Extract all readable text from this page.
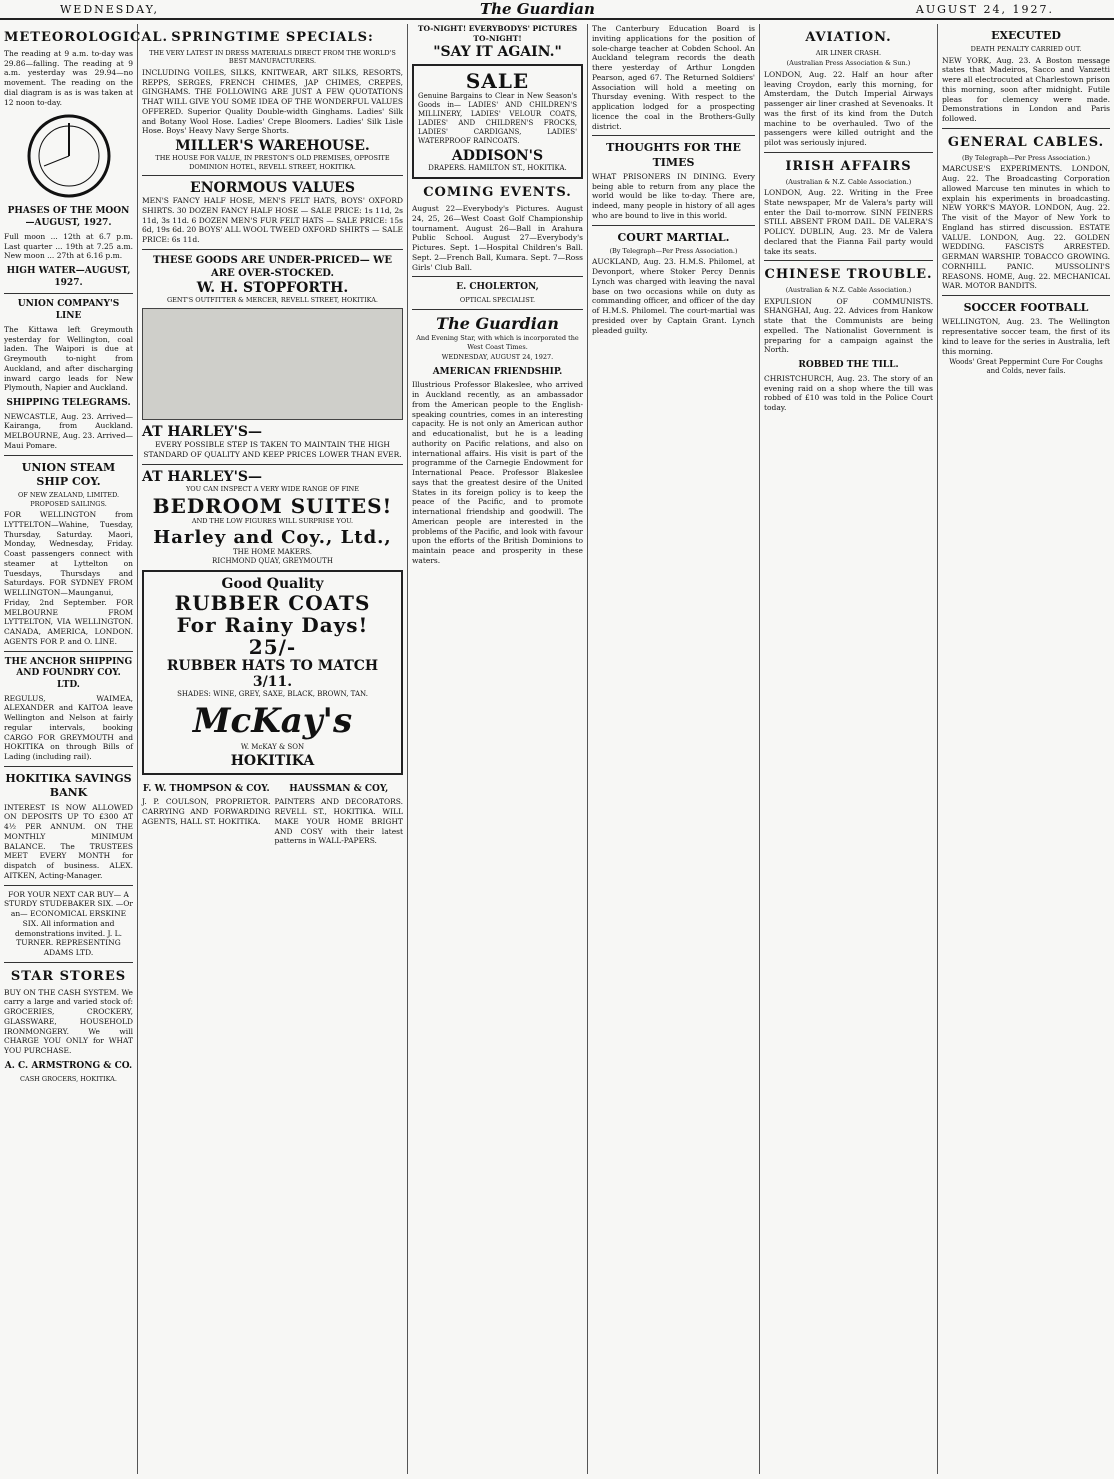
WEDNESDAY,	The Guardian	AUGUST 24, 1927.
METEOROLOGICAL.

The reading at 9 a.m. to-day was 29.86—falling. The reading at 9 a.m. yesterday was 29.94—no movement. The reading on the dial diagram is as is was taken at 12 noon to-day.

PHASES OF THE MOON—AUGUST, 1927.

Full moon ... 12th at 6.7 p.m. Last quarter ... 19th at 7.25 a.m. New moon ... 27th at 6.16 p.m.

HIGH WATER—AUGUST, 1927.
UNION COMPANY'S LINE

The Kittawa left Greymouth yesterday for Wellington, coal laden. The Waipori is due at Greymouth to-night from Auckland, and after discharging inward cargo leads for New Plymouth, Napier and Auckland.

SHIPPING TELEGRAMS.

NEWCASTLE, Aug. 23. Arrived—Kairanga, from Auckland. MELBOURNE, Aug. 23. Arrived—Maui Pomare.

UNION STEAM SHIP COY.
OF NEW ZEALAND, LIMITED. PROPOSED SAILINGS.

FOR WELLINGTON from LYTTELTON—Wahine, Tuesday, Thursday, Saturday. Maori, Monday, Wednesday, Friday. Coast passengers connect with steamer at Lyttelton on Tuesdays, Thursdays and Saturdays. FOR SYDNEY FROM WELLINGTON—Maunganui, Friday, 2nd September. FOR MELBOURNE FROM LYTTELTON, VIA WELLINGTON. CANADA, AMERICA, LONDON. AGENTS FOR P. and O. LINE.

THE ANCHOR SHIPPING AND FOUNDRY COY. LTD.

REGULUS, WAIMEA, ALEXANDER and KAITOA leave Wellington and Nelson at fairly regular intervals, booking CARGO FOR GREYMOUTH and HOKITIKA on through Bills of Lading (including rail).

HOKITIKA SAVINGS BANK

INTEREST IS NOW ALLOWED ON DEPOSITS UP TO £300 AT 4½ PER ANNUM. ON THE MONTHLY MINIMUM BALANCE. The TRUSTEES MEET EVERY MONTH for dispatch of business. ALEX. AITKEN, Acting-Manager.

FOR YOUR NEXT CAR BUY— A STURDY STUDEBAKER SIX. —Or an— ECONOMICAL ERSKINE SIX. All information and demonstrations invited. J. L. TURNER. REPRESENTING ADAMS LTD.

STAR STORES

BUY ON THE CASH SYSTEM. We carry a large and varied stock of: GROCERIES, CROCKERY, GLASSWARE, HOUSEHOLD IRONMONGERY. We will CHARGE YOU ONLY for WHAT YOU PURCHASE.

A. C. ARMSTRONG & CO.
CASH GROCERS, HOKITIKA.
SPRINGTIME SPECIALS:
THE VERY LATEST IN DRESS MATERIALS DIRECT FROM THE WORLD'S BEST MANUFACTURERS.

INCLUDING VOILES, SILKS, KNITWEAR, ART SILKS, RESORTS, REPPS, SERGES, FRENCH CHIMES, JAP CHIMES, CREPES, GINGHAMS. THE FOLLOWING ARE JUST A FEW QUOTATIONS THAT WILL GIVE YOU SOME IDEA OF THE WONDERFUL VALUES OFFERED. Superior Quality Double-width Ginghams. Ladies' Silk and Botany Wool Hose. Ladies' Crepe Bloomers. Ladies' Silk Lisle Hose. Boys' Heavy Navy Serge Shorts.

MILLER'S WAREHOUSE.
THE HOUSE FOR VALUE, IN PRESTON'S OLD PREMISES, OPPOSITE DOMINION HOTEL, REVELL STREET, HOKITIKA.
ENORMOUS VALUES

MEN'S FANCY HALF HOSE, MEN'S FELT HATS, BOYS' OXFORD SHIRTS. 30 DOZEN FANCY HALF HOSE — SALE PRICE: 1s 11d, 2s 11d, 3s 11d. 6 DOZEN MEN'S FUR FELT HATS — SALE PRICE: 15s 6d, 19s 6d. 20 BOYS' ALL WOOL TWEED OXFORD SHIRTS — SALE PRICE: 6s 11d.

THESE GOODS ARE UNDER-PRICED— WE ARE OVER-STOCKED.
W. H. STOPFORTH.
GENT'S OUTFITTER & MERCER, REVELL STREET, HOKITIKA.
AT HARLEY'S—

EVERY POSSIBLE STEP IS TAKEN TO MAINTAIN THE HIGH STANDARD OF QUALITY AND KEEP PRICES LOWER THAN EVER.

AT HARLEY'S—
YOU CAN INSPECT A VERY WIDE RANGE OF FINE
BEDROOM SUITES!
AND THE LOW FIGURES WILL SURPRISE YOU.
Harley and Coy., Ltd.,
THE HOME MAKERS.
RICHMOND QUAY, GREYMOUTH
Good Quality
RUBBER COATS
For Rainy Days!
25/-
RUBBER HATS TO MATCH
3/11.
SHADES: WINE, GREY, SAXE, BLACK, BROWN, TAN.
McKay's
W. McKAY & SON
HOKITIKA
F. W. THOMPSON & COY.

J. P. COULSON, PROPRIETOR. CARRYING AND FORWARDING AGENTS, HALL ST. HOKITIKA.

HAUSSMAN & COY,

PAINTERS AND DECORATORS. REVELL ST., HOKITIKA. WILL MAKE YOUR HOME BRIGHT AND COSY with their latest patterns in WALL-PAPERS.

TO-NIGHT! EVERYBODYS' PICTURES TO-NIGHT!
"SAY IT AGAIN."
SALE

Genuine Bargains to Clear in New Season's Goods in— LADIES' AND CHILDREN'S MILLINERY, LADIES' VELOUR COATS, LADIES' AND CHILDREN'S FROCKS, LADIES' CARDIGANS, LADIES' WATERPROOF RAINCOATS.

ADDISON'S
DRAPERS. HAMILTON ST., HOKITIKA.
COMING EVENTS.

August 22—Everybody's Pictures. August 24, 25, 26—West Coast Golf Championship tournament. August 26—Ball in Arahura Public School. August 27—Everybody's Pictures. Sept. 1—Hospital Children's Ball. Sept. 2—French Ball, Kumara. Sept. 7—Ross Girls' Club Ball.

E. CHOLERTON,
OPTICAL SPECIALIST.
The Guardian
And Evening Star, with which is incorporated the West Coast Times.
WEDNESDAY, AUGUST 24, 1927.
AMERICAN FRIENDSHIP.

Illustrious Professor Blakeslee, who arrived in Auckland recently, as an ambassador from the American people to the English-speaking countries, comes in an interesting capacity. He is not only an American author and educationalist, but he is a leading authority on Pacific relations, and also on international affairs. His visit is part of the programme of the Carnegie Endowment for International Peace. Professor Blakeslee says that the greatest desire of the United States in its foreign policy is to keep the peace of the Pacific, and to promote international friendship and goodwill. The American people are interested in the problems of the Pacific, and look with favour upon the efforts of the British Dominions to maintain peace and prosperity in these waters.

The Canterbury Education Board is inviting applications for the position of sole-charge teacher at Cobden School. An Auckland telegram records the death there yesterday of Arthur Longden Pearson, aged 67. The Returned Soldiers' Association will hold a meeting on Thursday evening. With respect to the application lodged for a prospecting licence the coal in the Brothers-Gully district.

THOUGHTS FOR THE TIMES

WHAT PRISONERS IN DINING. Every being able to return from any place the world would be like to-day. There are, indeed, many people in history of all ages who are bound to live in this world.

COURT MARTIAL.
(By Telegraph—Per Press Association.)

AUCKLAND, Aug. 23. H.M.S. Philomel, at Devonport, where Stoker Percy Dennis Lynch was charged with leaving the naval base on two occasions while on duty as commanding officer, and officer of the day of H.M.S. Philomel. The court-martial was presided over by Captain Grant. Lynch pleaded guilty.

AVIATION.
AIR LINER CRASH.
(Australian Press Association & Sun.)

LONDON, Aug. 22. Half an hour after leaving Croydon, early this morning, for Amsterdam, the Dutch Imperial Airways passenger air liner crashed at Sevenoaks. It was the first of its kind from the Dutch machine to be overhauled. Two of the passengers were killed outright and the pilot was seriously injured.

IRISH AFFAIRS
(Australian & N.Z. Cable Association.)

LONDON, Aug. 22. Writing in the Free State newspaper, Mr de Valera's party will enter the Dail to-morrow. SINN FEINERS STILL ABSENT FROM DAIL. DE VALERA'S POLICY. DUBLIN, Aug. 23. Mr de Valera declared that the Fianna Fail party would take its seats.

CHINESE TROUBLE.
(Australian & N.Z. Cable Association.)

EXPULSION OF COMMUNISTS. SHANGHAI, Aug. 22. Advices from Hankow state that the Communists are being expelled. The Nationalist Government is preparing for a campaign against the North.

ROBBED THE TILL.

CHRISTCHURCH, Aug. 23. The story of an evening raid on a shop where the till was robbed of £10 was told in the Police Court today.

EXECUTED
DEATH PENALTY CARRIED OUT.

NEW YORK, Aug. 23. A Boston message states that Madeiros, Sacco and Vanzetti were all electrocuted at Charlestown prison this morning, soon after midnight. Futile pleas for clemency were made. Demonstrations in London and Paris followed.

GENERAL CABLES.
(By Telegraph—Per Press Association.)

MARCUSE'S EXPERIMENTS. LONDON, Aug. 22. The Broadcasting Corporation allowed Marcuse ten minutes in which to explain his experiments in broadcasting. NEW YORK'S MAYOR. LONDON, Aug. 22. The visit of the Mayor of New York to England has stirred discussion. ESTATE VALUE. LONDON, Aug. 22. GOLDEN WEDDING. FASCISTS ARRESTED. GERMAN WARSHIP. TOBACCO GROWING. CORNHILL PANIC. MUSSOLINI'S REASONS. HOME, Aug. 22. MECHANICAL WAR. MOTOR BANDITS.

SOCCER FOOTBALL

WELLINGTON, Aug. 23. The Wellington representative soccer team, the first of its kind to leave for the series in Australia, left this morning.

Woods' Great Peppermint Cure For Coughs and Colds, never fails.
